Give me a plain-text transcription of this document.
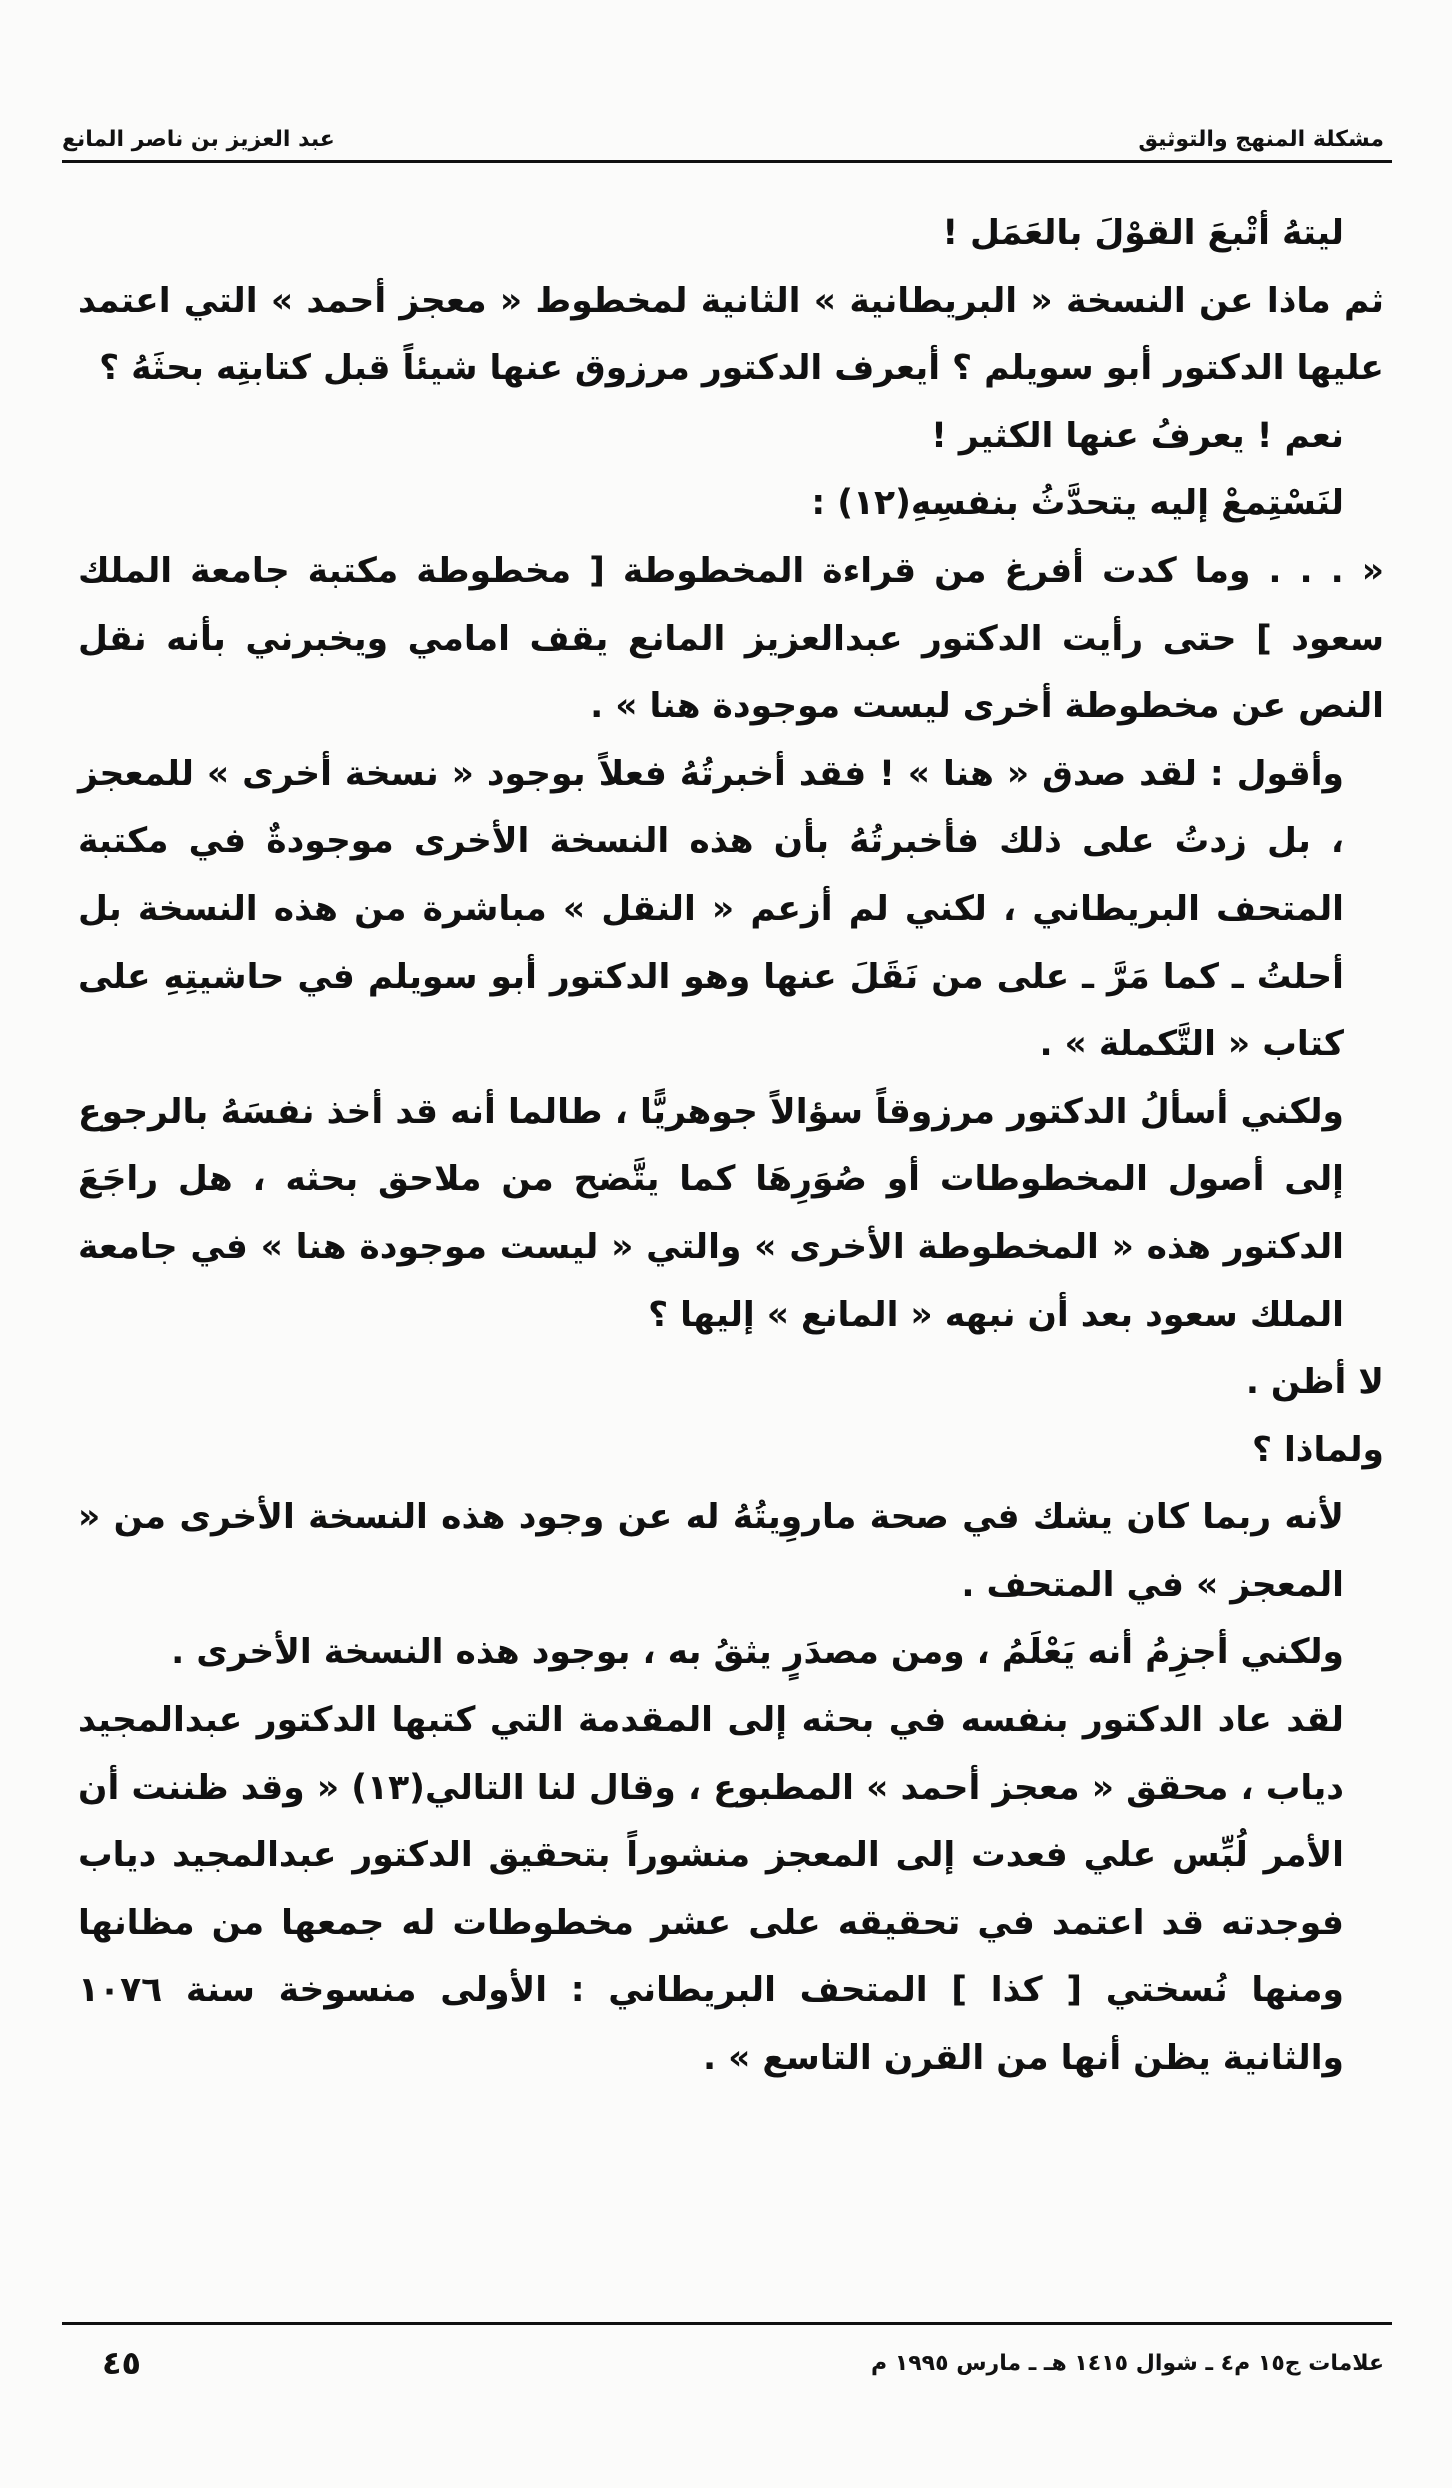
مشكلة المنهج والتوثيق
عبد العزيز بن ناصر المانع

ليتهُ أتْبعَ القوْلَ بالعَمَل !

ثم ماذا عن النسخة « البريطانية » الثانية لمخطوط « معجز أحمد » التي اعتمد عليها الدكتور أبو سويلم ؟ أيعرف الدكتور مرزوق عنها شيئاً قبل كتابتِه بحثَهُ ؟

نعم ! يعرفُ عنها الكثير !

لنَسْتِمعْ إليه يتحدَّثُ بنفسِهِ(١٢) :

« . . . وما كدت أفرغ من قراءة المخطوطة [ مخطوطة مكتبة جامعة الملك سعود ] حتى رأيت الدكتور عبدالعزيز المانع يقف امامي ويخبرني بأنه نقل النص عن مخطوطة أخرى ليست موجودة هنا » .

وأقول : لقد صدق « هنا » ! فقد أخبرتُهُ فعلاً بوجود « نسخة أخرى » للمعجز ، بل زدتُ على ذلك فأخبرتُهُ بأن هذه النسخة الأخرى موجودةٌ في مكتبة المتحف البريطاني ، لكني لم أزعم « النقل » مباشرة من هذه النسخة بل أحلتُ ـ كما مَرَّ ـ على من نَقَلَ عنها وهو الدكتور أبو سويلم في حاشيتِهِ على كتاب « التَّكملة » .

ولكني أسألُ الدكتور مرزوقاً سؤالاً جوهريًّا ، طالما أنه قد أخذ نفسَهُ بالرجوع إلى أصول المخطوطات أو صُوَرِهَا كما يتَّضح من ملاحق بحثه ، هل راجَعَ الدكتور هذه « المخطوطة الأخرى » والتي « ليست موجودة هنا » في جامعة الملك سعود بعد أن نبهه « المانع » إليها ؟

لا أظن .

ولماذا ؟

لأنه ربما كان يشك في صحة ماروِيتُهُ له عن وجود هذه النسخة الأخرى من « المعجز » في المتحف .

ولكني أجزِمُ أنه يَعْلَمُ ، ومن مصدَرٍ يثقُ به ، بوجود هذه النسخة الأخرى .

لقد عاد الدكتور بنفسه في بحثه إلى المقدمة التي كتبها الدكتور عبدالمجيد دياب ، محقق « معجز أحمد » المطبوع ، وقال لنا التالي(١٣) « وقد ظننت أن الأمر لُبِّس علي فعدت إلى المعجز منشوراً بتحقيق الدكتور عبدالمجيد دياب فوجدته قد اعتمد في تحقيقه على عشر مخطوطات له جمعها من مظانها ومنها نُسختي [ كذا ] المتحف البريطاني : الأولى منسوخة سنة ١٠٧٦ والثانية يظن أنها من القرن التاسع » .

علامات ج١٥ م٤ ـ شوال ١٤١٥ هـ ـ مارس ١٩٩٥ م
٤٥
